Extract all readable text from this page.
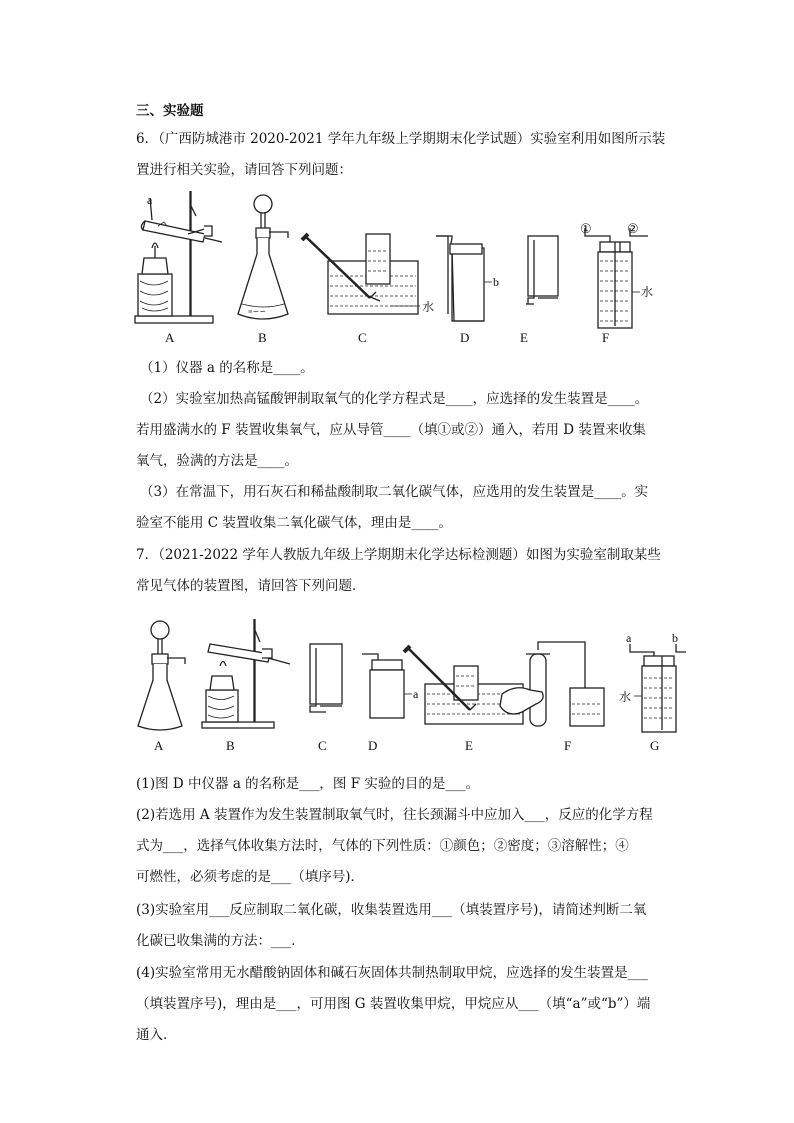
三、实验题
6．（广西防城港市 2020-2021 学年九年级上学期期末化学试题）实验室利用如图所示装
置进行相关实验，请回答下列问题：
a
≡∽∽	水
b
①	②
水
A	B	C	D	E	F
（1）仪器 a 的名称是____。
（2）实验室加热高锰酸钾制取氧气的化学方程式是____，应选择的发生装置是____。
若用盛满水的 F 装置收集氧气，应从导管____（填①或②）通入，若用 D 装置来收集
氧气，验满的方法是____。
（3）在常温下，用石灰石和稀盐酸制取二氧化碳气体，应选用的发生装置是____。实
验室不能用 C 装置收集二氧化碳气体，理由是____。
7．（2021-2022 学年人教版九年级上学期期末化学达标检测题）如图为实验室制取某些
常见气体的装置图，请回答下列问题．
a
a	b
水
A	B	C	D	E	F	G
(1)图 D 中仪器 a 的名称是___，图 F 实验的目的是___。
(2)若选用 A 装置作为发生装置制取氧气时，往长颈漏斗中应加入___，反应的化学方程
式为___，选择气体收集方法时，气体的下列性质：①颜色；②密度；③溶解性；④
可燃性，必须考虑的是___（填序号)．
(3)实验室用___反应制取二氧化碳，收集装置选用___（填装置序号)，请简述判断二氧
化碳已收集满的方法：___．
(4)实验室常用无水醋酸钠固体和碱石灰固体共制热制取甲烷，应选择的发生装置是___
（填装置序号)，理由是___，可用图 G 装置收集甲烷，甲烷应从___（填“a”或“b”）端
通入．
